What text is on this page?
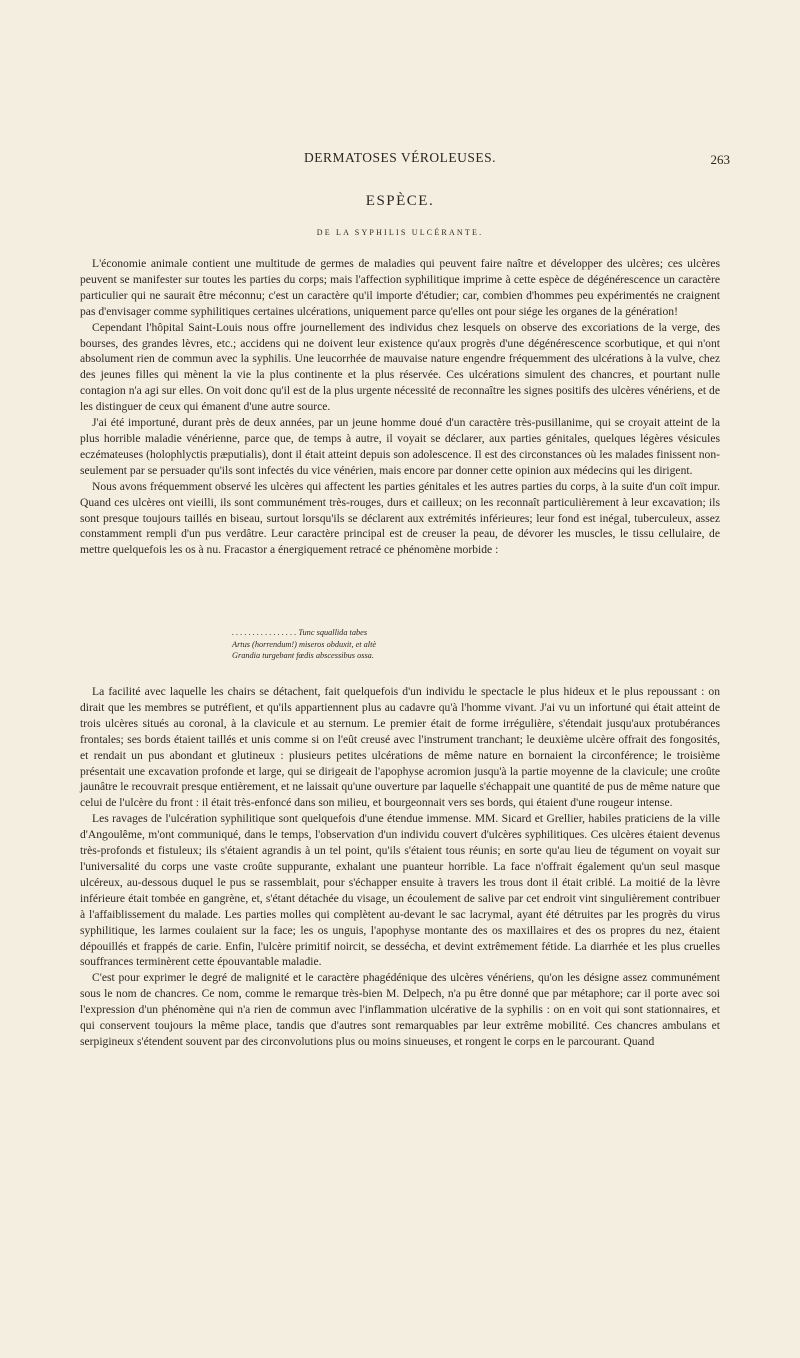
DERMATOSES VÉROLEUSES.	263
ESPÈCE.
DE LA SYPHILIS ULCÉRANTE.

L'économie animale contient une multitude de germes de maladies qui peuvent faire naître et développer des ulcères; ces ulcères peuvent se manifester sur toutes les parties du corps; mais l'affection syphilitique imprime à cette espèce de dégénérescence un caractère particulier qui ne saurait être méconnu; c'est un caractère qu'il importe d'étudier; car, combien d'hommes peu expérimentés ne craignent pas d'envisager comme syphilitiques certaines ulcérations, uniquement parce qu'elles ont pour siége les organes de la génération!

Cependant l'hôpital Saint-Louis nous offre journellement des individus chez lesquels on observe des excoriations de la verge, des bourses, des grandes lèvres, etc.; accidens qui ne doivent leur existence qu'aux progrès d'une dégénérescence scorbutique, et qui n'ont absolument rien de commun avec la syphilis. Une leucorrhée de mauvaise nature engendre fréquemment des ulcérations à la vulve, chez des jeunes filles qui mènent la vie la plus continente et la plus réservée. Ces ulcérations simulent des chancres, et pourtant nulle contagion n'a agi sur elles. On voit donc qu'il est de la plus urgente nécessité de reconnaître les signes positifs des ulcères vénériens, et de les distinguer de ceux qui émanent d'une autre source.

J'ai été importuné, durant près de deux années, par un jeune homme doué d'un caractère très-pusillanime, qui se croyait atteint de la plus horrible maladie vénérienne, parce que, de temps à autre, il voyait se déclarer, aux parties génitales, quelques légères vésicules eczémateuses (holophlyctis præputialis), dont il était atteint depuis son adolescence. Il est des circonstances où les malades finissent non-seulement par se persuader qu'ils sont infectés du vice vénérien, mais encore par donner cette opinion aux médecins qui les dirigent.

Nous avons fréquemment observé les ulcères qui affectent les parties génitales et les autres parties du corps, à la suite d'un coït impur. Quand ces ulcères ont vieilli, ils sont communément très-rouges, durs et cailleux; on les reconnaît particulièrement à leur excavation; ils sont presque toujours taillés en biseau, surtout lorsqu'ils se déclarent aux extrémités inférieures; leur fond est inégal, tuberculeux, assez constamment rempli d'un pus verdâtre. Leur caractère principal est de creuser la peau, de dévorer les muscles, le tissu cellulaire, de mettre quelquefois les os à nu. Fracastor a énergiquement retracé ce phénomène morbide :

. . . . . . . . . . . . . . . . Tunc squallida tabes
Artus (horrendum!) miseros obduxit, et altè
Grandia turgebant fœdis abscessibus ossa.

La facilité avec laquelle les chairs se détachent, fait quelquefois d'un individu le spectacle le plus hideux et le plus repoussant : on dirait que les membres se putréfient, et qu'ils appartiennent plus au cadavre qu'à l'homme vivant. J'ai vu un infortuné qui était atteint de trois ulcères situés au coronal, à la clavicule et au sternum. Le premier était de forme irrégulière, s'étendait jusqu'aux protubérances frontales; ses bords étaient taillés et unis comme si on l'eût creusé avec l'instrument tranchant; le deuxième ulcère offrait des fongosités, et rendait un pus abondant et glutineux : plusieurs petites ulcérations de même nature en bornaient la circonférence; le troisième présentait une excavation profonde et large, qui se dirigeait de l'apophyse acromion jusqu'à la partie moyenne de la clavicule; une croûte jaunâtre le recouvrait presque entièrement, et ne laissait qu'une ouverture par laquelle s'échappait une quantité de pus de même nature que celui de l'ulcère du front : il était très-enfoncé dans son milieu, et bourgeonnait vers ses bords, qui étaient d'une rougeur intense.

Les ravages de l'ulcération syphilitique sont quelquefois d'une étendue immense. MM. Sicard et Grellier, habiles praticiens de la ville d'Angoulême, m'ont communiqué, dans le temps, l'observation d'un individu couvert d'ulcères syphilitiques. Ces ulcères étaient devenus très-profonds et fistuleux; ils s'étaient agrandis à un tel point, qu'ils s'étaient tous réunis; en sorte qu'au lieu de tégument on voyait sur l'universalité du corps une vaste croûte suppurante, exhalant une puanteur horrible. La face n'offrait également qu'un seul masque ulcéreux, au-dessous duquel le pus se rassemblait, pour s'échapper ensuite à travers les trous dont il était criblé. La moitié de la lèvre inférieure était tombée en gangrène, et, s'étant détachée du visage, un écoulement de salive par cet endroit vint singulièrement contribuer à l'affaiblissement du malade. Les parties molles qui complètent au-devant le sac lacrymal, ayant été détruites par les progrès du virus syphilitique, les larmes coulaient sur la face; les os unguis, l'apophyse montante des os maxillaires et des os propres du nez, étaient dépouillés et frappés de carie. Enfin, l'ulcère primitif noircit, se dessécha, et devint extrêmement fétide. La diarrhée et les plus cruelles souffrances terminèrent cette épouvantable maladie.

C'est pour exprimer le degré de malignité et le caractère phagédénique des ulcères vénériens, qu'on les désigne assez communément sous le nom de chancres. Ce nom, comme le remarque très-bien M. Delpech, n'a pu être donné que par métaphore; car il porte avec soi l'expression d'un phénomène qui n'a rien de commun avec l'inflammation ulcérative de la syphilis : on en voit qui sont stationnaires, et qui conservent toujours la même place, tandis que d'autres sont remarquables par leur extrême mobilité. Ces chancres ambulans et serpigineux s'étendent souvent par des circonvolutions plus ou moins sinueuses, et rongent le corps en le parcourant. Quand
